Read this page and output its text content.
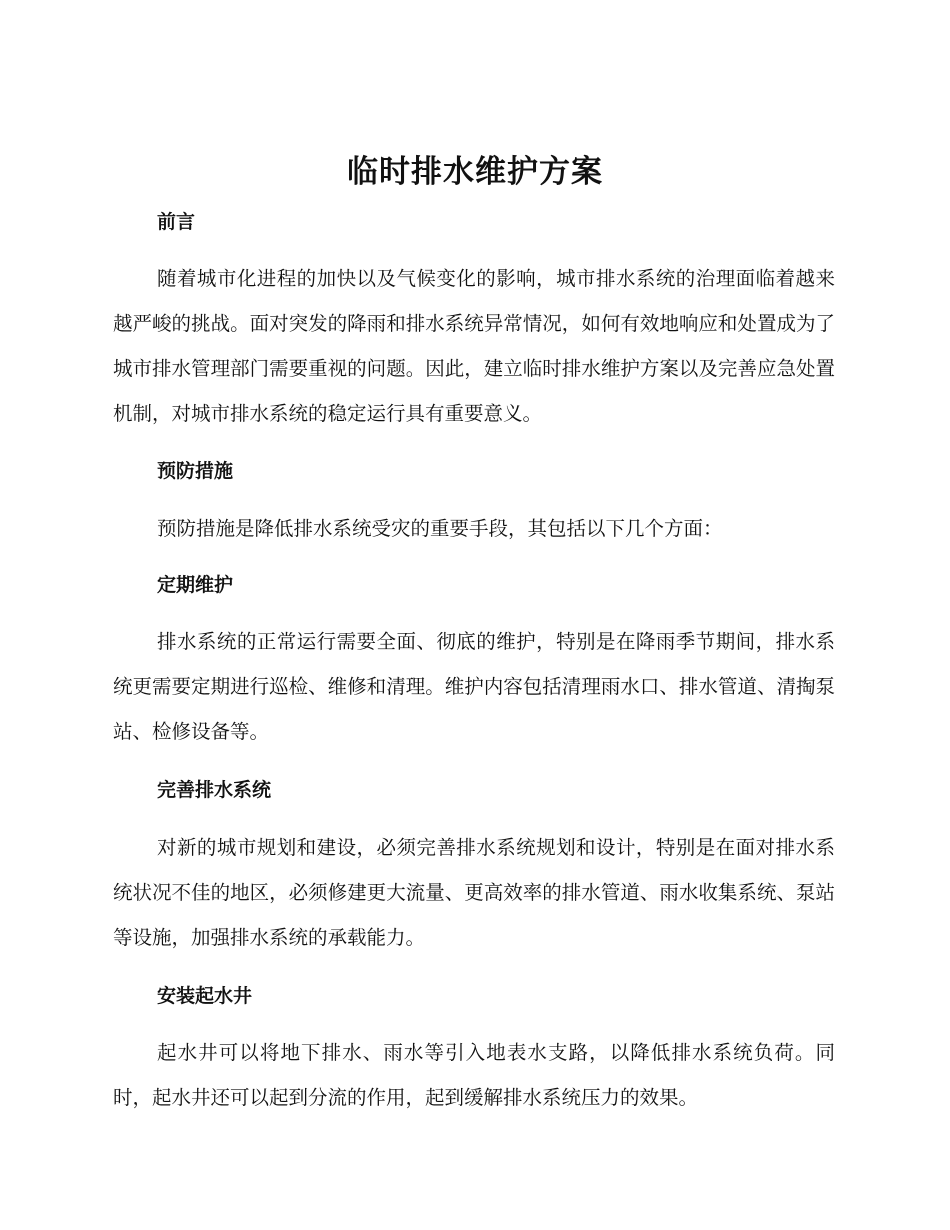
临时排水维护方案
前言

随着城市化进程的加快以及气候变化的影响，城市排水系统的治理面临着越来越严峻的挑战。面对突发的降雨和排水系统异常情况，如何有效地响应和处置成为了城市排水管理部门需要重视的问题。因此，建立临时排水维护方案以及完善应急处置机制，对城市排水系统的稳定运行具有重要意义。

预防措施

预防措施是降低排水系统受灾的重要手段，其包括以下几个方面：

定期维护

排水系统的正常运行需要全面、彻底的维护，特别是在降雨季节期间，排水系统更需要定期进行巡检、维修和清理。维护内容包括清理雨水口、排水管道、清掏泵站、检修设备等。

完善排水系统

对新的城市规划和建设，必须完善排水系统规划和设计，特别是在面对排水系统状况不佳的地区，必须修建更大流量、更高效率的排水管道、雨水收集系统、泵站等设施，加强排水系统的承载能力。

安装起水井

起水井可以将地下排水、雨水等引入地表水支路，以降低排水系统负荷。同时，起水井还可以起到分流的作用，起到缓解排水系统压力的效果。
